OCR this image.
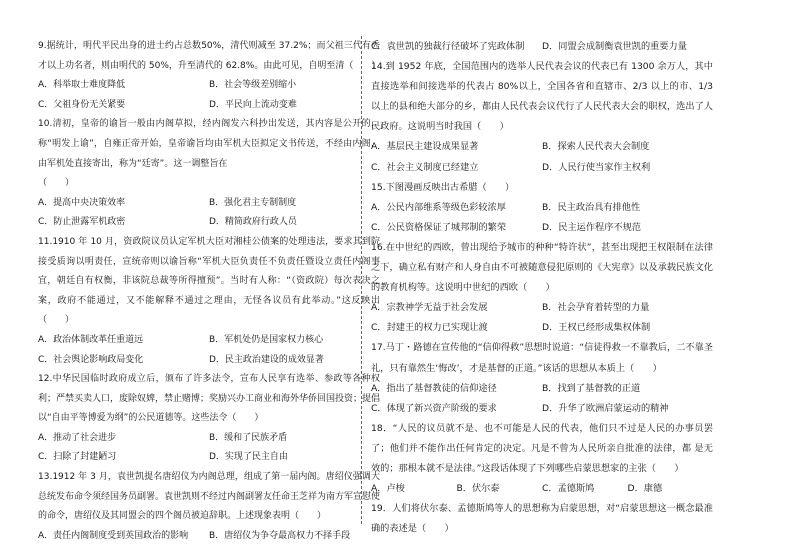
9.据统计，明代平民出身的进士约占总数50%，清代则减至 37.2%；而父祖三代有秀才以上功名者，则由明代的 50%，升至清代的 62.8%。由此可见，自明至清（　　）
A．科举取士难度降低	B．社会等级差别缩小
C．父祖身份无关紧要	D．平民向上流动变难
10.清初，皇帝的谕旨一般由内阁草拟，经内阁发六科抄出发送，其内容是公开的，称“明发上谕”，自雍正帝开始，皇帝谕旨均由军机大臣拟定文书传送，不经由内阁，由军机处直接寄出，称为“廷寄”。这一调整旨在
（　　）
A．提高中央决策效率	B．强化君主专制制度
C．防止泄露军机政密	D．精简政府行政人员
11.1910 年 10 月，资政院议员认定军机大臣对湘桂公债案的处理违法，要求其到院接受质询以明责任，宣统帝则以谕旨称“军机大臣负责任不负责任暨设立责任内阁事宜，朝廷自有权衡，非该院总裁等所得擅预”。当时有人称：“（资政院）每次表决之案，政府不能通过，又不能解释不通过之理由，无怪各议员有此举动。”这反映出（　　）
A．政治体制改革任重道远	B．军机处仍是国家权力核心
C．社会舆论影响政局变化	D．民主政治建设的成效显著
12.中华民国临时政府成立后，颁布了许多法令，宣布人民享有选举、参政等各种权利；严禁买卖人口，废除奴婢，禁止赌博；奖励兴办工商业和海外华侨回国投资；提倡以“自由平等博爱为纲”的公民道德等。这些法令（　　）
A．推动了社会进步	B．缓和了民族矛盾
C．扫除了封建陋习	D．实现了民主自由
13.1912 年 3 月，袁世凯提名唐绍仪为内阁总理，组成了第一届内阁。唐绍仪强调大总统发布命令须经国务员副署。袁世凯则不经过内阁副署友任命王芝祥为南方军宣慰使的命令，唐绍仪及其同盟会的四个阁员被迫辞职。上述现象表明（　　）
A．责任内阁制度受到英国政治的影响	B．唐绍仪为争夺最高权力不择手段
C．袁世凯的独裁行径破坏了宪政体制	D．同盟会成制衡袁世凯的重要力量
14.到 1952 年底，全国范围内的选举人民代表会议的代表已有 1300 余万人，其中直接选举和间接选举的代表占 80%以上，全国各省和直辖市、2/3 以上的市、1/3 以上的县和绝大部分的乡，都由人民代表会议代行了人民代表大会的职权，选出了人民政府。这说明当时我国（　　）
A．基层民主建设成果显著	B．探索人民代表大会制度
C．社会主义制度已经建立	D．人民行使当家作主权利
15.下图漫画反映出古希腊（　　）
A．公民内部维系等级色彩较浓厚	B．民主政治具有排他性
C．公民资格保证了城邦制的繁荣	D．民主运作程序不规范
16.在中世纪的西欧，曾出现给予城市的种种“特许状”，甚至出现把王权限制在法律之下，确立私有财产和人身自由不可被随意侵犯原则的《大宪章》以及承载民族文化的教育机构等。这说明中世纪的西欧（　　）
A．宗教神学无益于社会发展	B．社会孕育着转型的力量
C．封建王的权力已实现让渡	D．王权已经形成集权体制
17.马丁・路德在宣传他的“信仰得救”思想时说道：“信徒得救一不靠教后，二不靠圣礼，只有靠然生‘悔改’，才是基督的正道。”该话的思想从本质上（　　）
A．指出了基督教徒的信仰途径	B．找到了基督教的正道
C．体现了新兴资产阶级的要求	D．升华了欧洲启蒙运动的精神
18．“人民的议员就不是、也不可能是人民的代表，他们只不过是人民的办事员罢了；他们并不能作出任何肯定的决定。凡是不曾为人民所亲自批准的法律，都 是无效的；那根本就不是法律。”这段话体现了下列哪些启蒙思想家的主张（　　）
A．卢梭	B．伏尔泰	C．孟德斯鸠	D．康德
19．人们将伏尔泰、孟德斯鸠等人的思想称为启蒙思想，对“启蒙思想这一概念最准确的表述是（　　）
